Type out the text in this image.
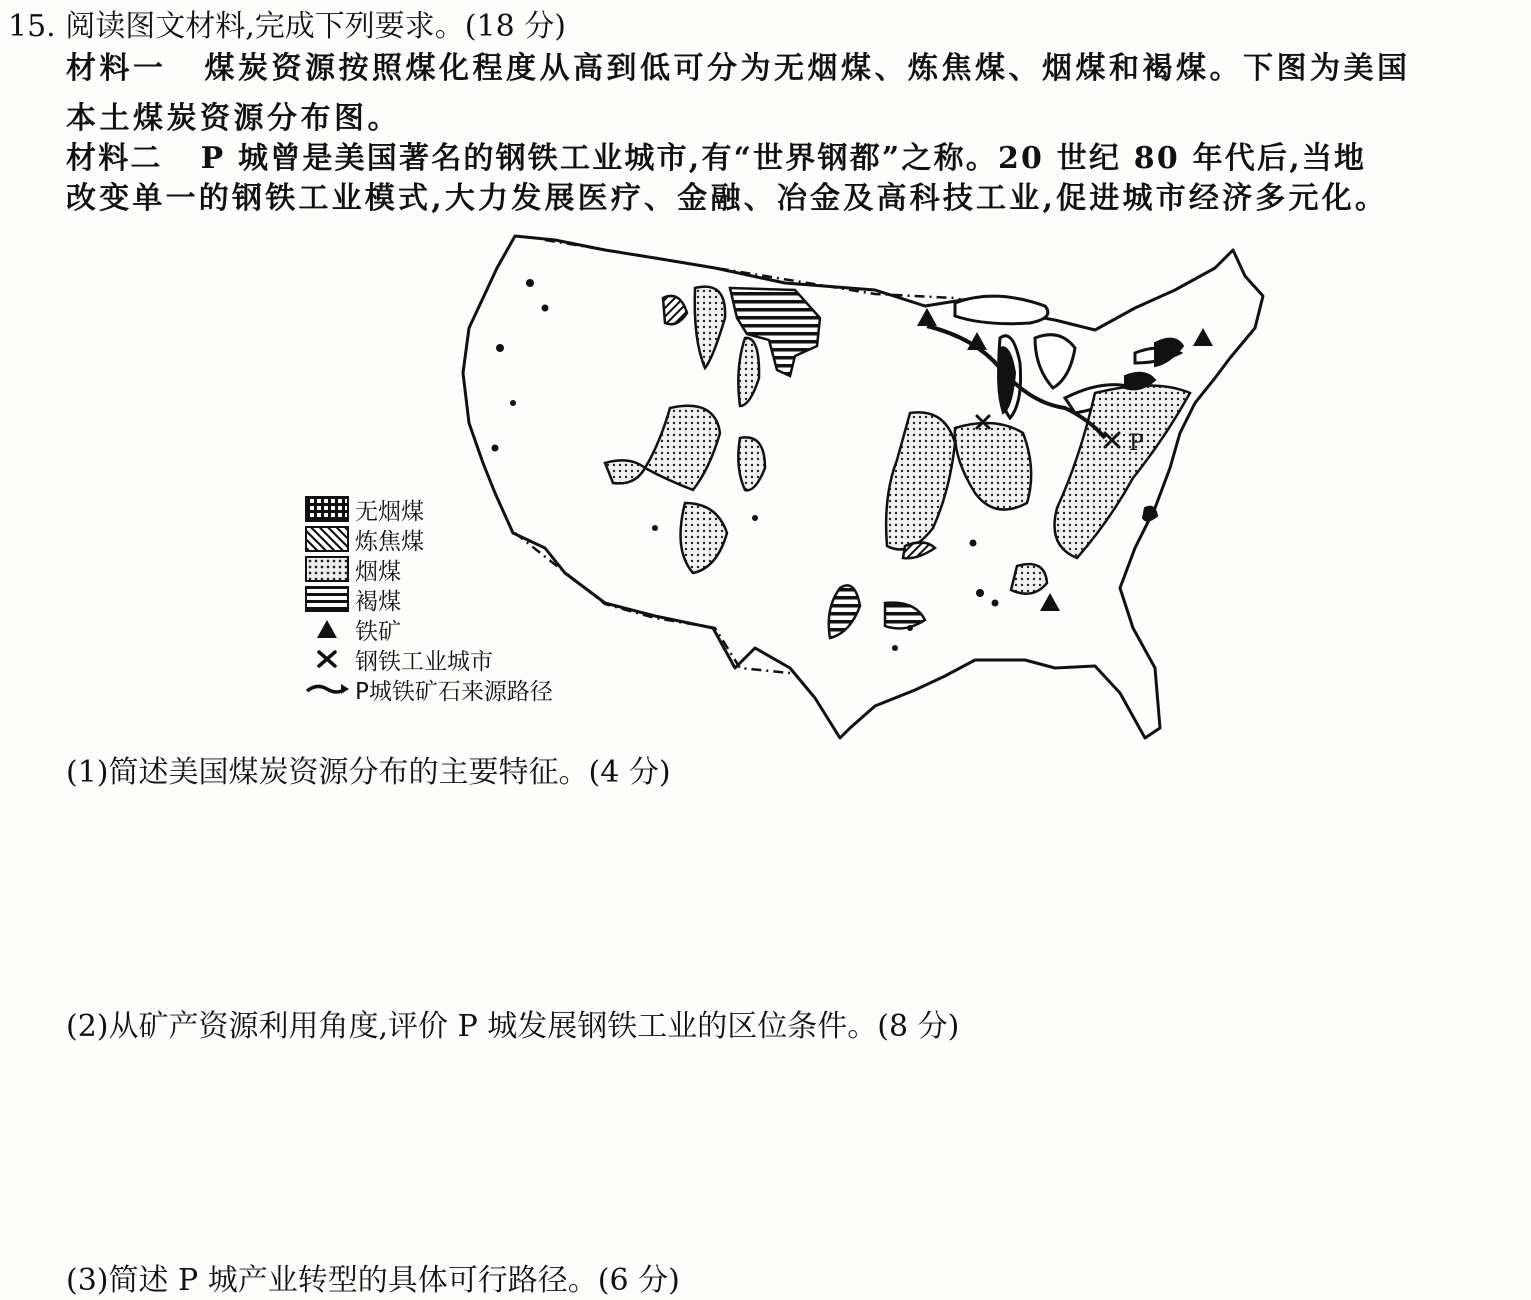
15. 阅读图文材料,完成下列要求。(18 分)
材料一 煤炭资源按照煤化程度从高到低可分为无烟煤、炼焦煤、烟煤和褐煤。下图为美国
本土煤炭资源分布图。
材料二 P 城曾是美国著名的钢铁工业城市,有“世界钢都”之称。20 世纪 80 年代后,当地
改变单一的钢铁工业模式,大力发展医疗、金融、冶金及高科技工业,促进城市经济多元化。
P
无烟煤
炼焦煤
烟煤
褐煤
铁矿
钢铁工业城市
P城铁矿石来源路径
(1)简述美国煤炭资源分布的主要特征。(4 分)
(2)从矿产资源利用角度,评价 P 城发展钢铁工业的区位条件。(8 分)
(3)简述 P 城产业转型的具体可行路径。(6 分)
